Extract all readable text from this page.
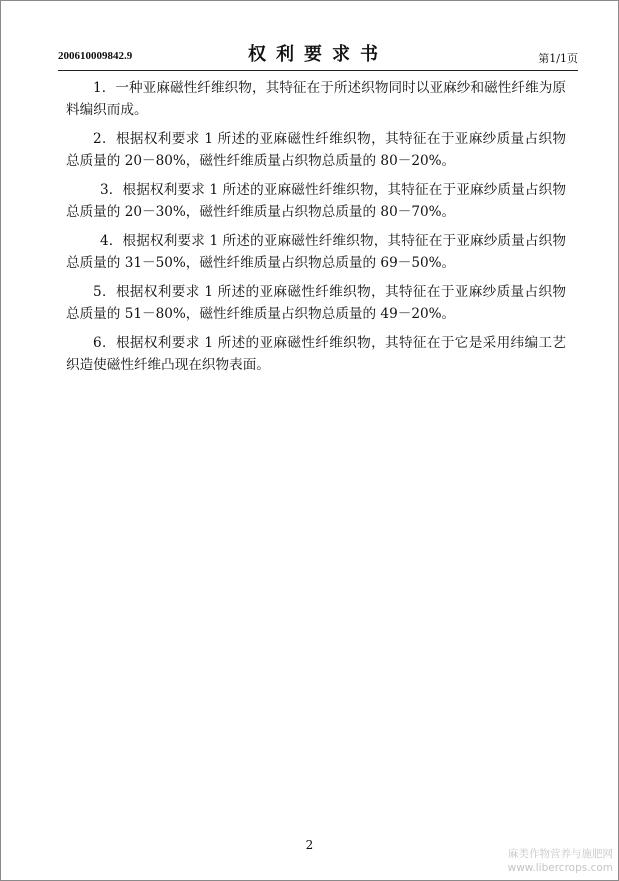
200610009842.9	权利要求书	第1/1页

1．一种亚麻磁性纤维织物，其特征在于所述织物同时以亚麻纱和磁性纤维为原料编织而成。

2．根据权利要求 1 所述的亚麻磁性纤维织物，其特征在于亚麻纱质量占织物总质量的 20－80%，磁性纤维质量占织物总质量的 80－20%。

3．根据权利要求 1 所述的亚麻磁性纤维织物，其特征在于亚麻纱质量占织物总质量的 20－30%，磁性纤维质量占织物总质量的 80－70%。

4．根据权利要求 1 所述的亚麻磁性纤维织物，其特征在于亚麻纱质量占织物总质量的 31－50%，磁性纤维质量占织物总质量的 69－50%。

5．根据权利要求 1 所述的亚麻磁性纤维织物，其特征在于亚麻纱质量占织物总质量的 51－80%，磁性纤维质量占织物总质量的 49－20%。

6．根据权利要求 1 所述的亚麻磁性纤维织物，其特征在于它是采用纬编工艺织造使磁性纤维凸现在织物表面。

2
麻类作物营养与施肥网
www.libercrops.com
